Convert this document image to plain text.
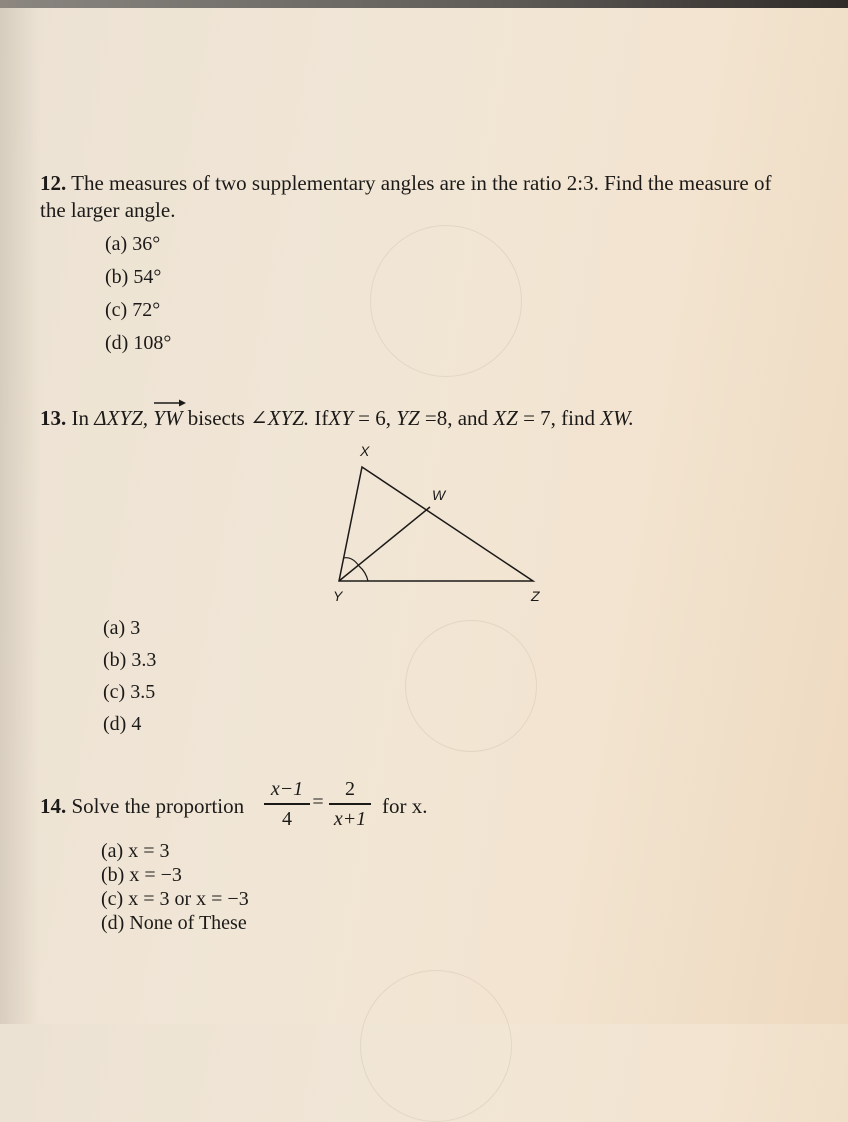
12. The measures of two supplementary angles are in the ratio 2:3. Find the measure of
the larger angle.
(a) 36°
(b) 54°
(c) 72°
(d) 108°
13. In ΔXYZ, YW bisects ∠XYZ. IfXY = 6, YZ =8, and XZ = 7, find XW.
X
W
Y	Z
(a) 3
(b) 3.3
(c) 3.5
(d) 4
14. Solve the proportion
x−1
4
=
2
x+1
for x.
(a) x = 3
(b) x = −3
(c) x = 3 or x = −3
(d) None of These
